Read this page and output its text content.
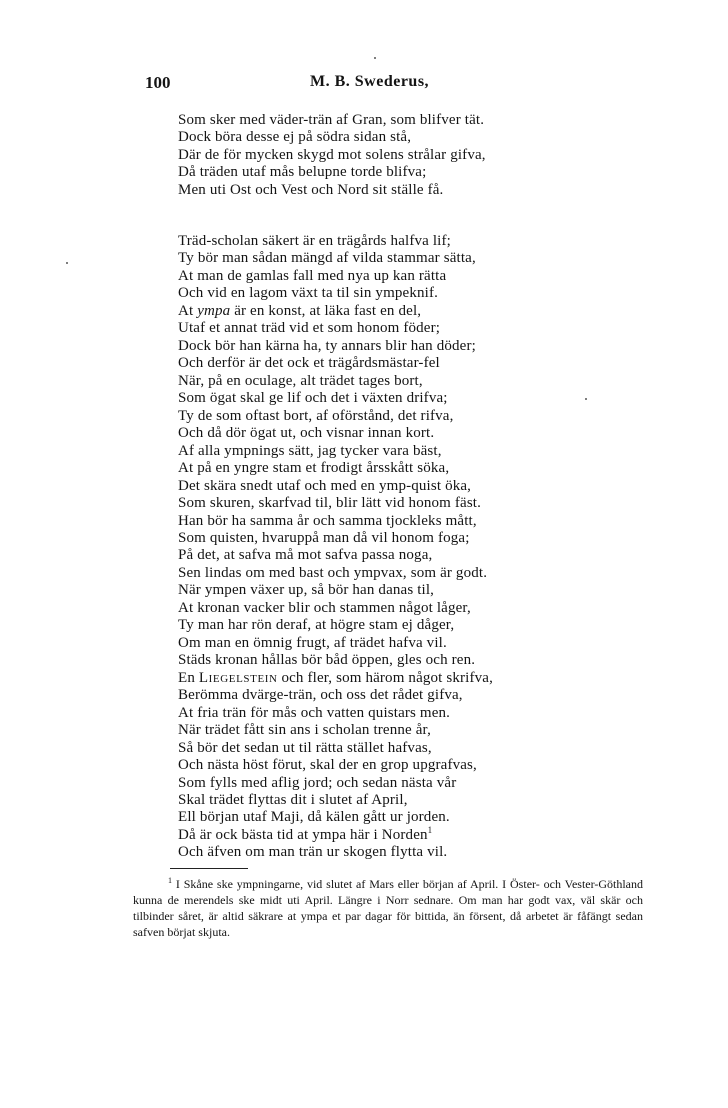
100	M. B. Swederus,
Som sker med väder-trän af Gran, som blifver tät.
Dock böra desse ej på södra sidan stå,
Där de för mycken skygd mot solens strålar gifva,
Då träden utaf mås belupne torde blifva;
Men uti Ost och Vest och Nord sit ställe få.
Träd-scholan säkert är en trägårds halfva lif;
Ty bör man sådan mängd af vilda stammar sätta,
At man de gamlas fall med nya up kan rätta
Och vid en lagom växt ta til sin ympeknif.
At ympa är en konst, at läka fast en del,
Utaf et annat träd vid et som honom föder;
Dock bör han kärna ha, ty annars blir han döder;
Och derför är det ock et trägårdsmästar-fel
När, på en oculage, alt trädet tages bort,
Som ögat skal ge lif och det i växten drifva;
Ty de som oftast bort, af oförstånd, det rifva,
Och då dör ögat ut, och visnar innan kort.
Af alla ympnings sätt, jag tycker vara bäst,
At på en yngre stam et frodigt årsskått söka,
Det skära snedt utaf och med en ymp-quist öka,
Som skuren, skarfvad til, blir lätt vid honom fäst.
Han bör ha samma år och samma tjockleks mått,
Som quisten, hvaruppå man då vil honom foga;
På det, at safva må mot safva passa noga,
Sen lindas om med bast och ympvax, som är godt.
När ympen växer up, så bör han danas til,
At kronan vacker blir och stammen något låger,
Ty man har rön deraf, at högre stam ej dåger,
Om man en ömnig frugt, af trädet hafva vil.
Städs kronan hållas bör båd öppen, gles och ren.
En Liegelstein och fler, som härom något skrifva,
Berömma dvärge-trän, och oss det rådet gifva,
At fria trän för mås och vatten quistars men.
När trädet fått sin ans i scholan trenne år,
Så bör det sedan ut til rätta stället hafvas,
Och nästa höst förut, skal der en grop upgrafvas,
Som fylls med aflig jord; och sedan nästa vår
Skal trädet flyttas dit i slutet af April,
Ell början utaf Maji, då kälen gått ur jorden.
Då är ock bästa tid at ympa här i Norden$^1$
Och äfven om man trän ur skogen flytta vil.
$^1$ I Skåne ske ympningarne, vid slutet af Mars eller början af April. I Öster- och Vester-Göthland kunna de merendels ske midt uti April. Längre i Norr sednare. Om man har godt vax, väl skär och tilbinder såret, är altid säkrare at ympa et par dagar för bittida, än försent, då arbetet är fåfängt sedan safven börjat skjuta.
